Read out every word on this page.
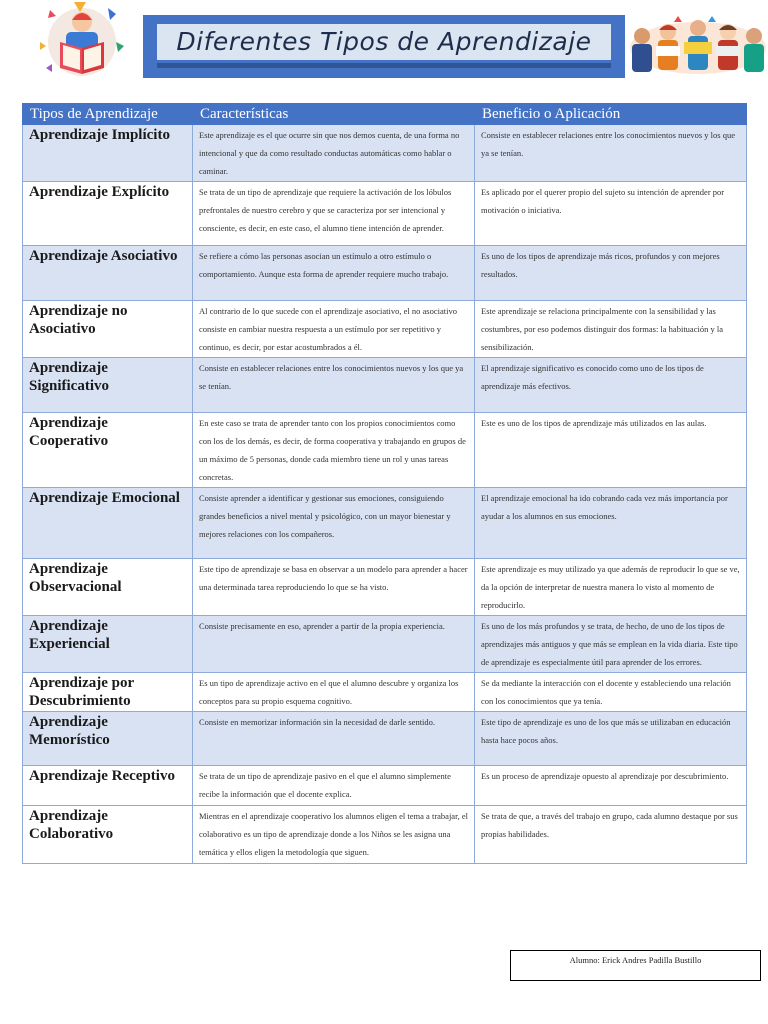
Diferentes Tipos de Aprendizaje
Tipos de Aprendizaje	Características	Beneficio o Aplicación
Aprendizaje Implícito	Este aprendizaje es el que ocurre sin que nos demos cuenta, de una forma no intencional y que da como resultado conductas automáticas como hablar o caminar.	Consiste en establecer relaciones entre los conocimientos nuevos y los que ya se tenían.
Aprendizaje Explícito	Se trata de un tipo de aprendizaje que requiere la activación de los lóbulos prefrontales de nuestro cerebro y que se caracteriza por ser intencional y consciente, es decir, en este caso, el alumno tiene intención de aprender.	Es aplicado por el querer propio del sujeto su intención de aprender por motivación o iniciativa.
Aprendizaje Asociativo	Se refiere a cómo las personas asocian un estímulo a otro estímulo o comportamiento. Aunque esta forma de aprender requiere mucho trabajo.	Es uno de los tipos de aprendizaje más ricos, profundos y con mejores resultados.
Aprendizaje no Asociativo	Al contrario de lo que sucede con el aprendizaje asociativo, el no asociativo consiste en cambiar nuestra respuesta a un estímulo por ser repetitivo y continuo, es decir, por estar acostumbrados a él.	Este aprendizaje se relaciona principalmente con la sensibilidad y las costumbres, por eso podemos distinguir dos formas: la habituación y la sensibilización.
Aprendizaje Significativo	Consiste en establecer relaciones entre los conocimientos nuevos y los que ya se tenían.	El aprendizaje significativo es conocido como uno de los tipos de aprendizaje más efectivos.
Aprendizaje Cooperativo	En este caso se trata de aprender tanto con los propios conocimientos como con los de los demás, es decir, de forma cooperativa y trabajando en grupos de un máximo de 5 personas, donde cada miembro tiene un rol y unas tareas concretas.	Este es uno de los tipos de aprendizaje más utilizados en las aulas.
Aprendizaje Emocional	Consiste aprender a identificar y gestionar sus emociones, consiguiendo grandes beneficios a nivel mental y psicológico, con un mayor bienestar y mejores relaciones con los compañeros.	El aprendizaje emocional ha ido cobrando cada vez más importancia por ayudar a los alumnos en sus emociones.
Aprendizaje Observacional	Este tipo de aprendizaje se basa en observar a un modelo para aprender a hacer una determinada tarea reproduciendo lo que se ha visto.	Este aprendizaje es muy utilizado ya que además de reproducir lo que se ve, da la opción de interpretar de nuestra manera lo visto al momento de reproducirlo.
Aprendizaje Experiencial	Consiste precisamente en eso, aprender a partir de la propia experiencia.	Es uno de los más profundos y se trata, de hecho, de uno de los tipos de aprendizajes más antiguos y que más se emplean en la vida diaria. Este tipo de aprendizaje es especialmente útil para aprender de los errores.
Aprendizaje por Descubrimiento	Es un tipo de aprendizaje activo en el que el alumno descubre y organiza los conceptos para su propio esquema cognitivo.	Se da mediante la interacción con el docente y estableciendo una relación con los conocimientos que ya tenía.
Aprendizaje Memorístico	Consiste en memorizar información sin la necesidad de darle sentido.	Este tipo de aprendizaje es uno de los que más se utilizaban en educación hasta hace pocos años.
Aprendizaje Receptivo	Se trata de un tipo de aprendizaje pasivo en el que el alumno simplemente recibe la información que el docente explica.	Es un proceso de aprendizaje opuesto al aprendizaje por descubrimiento.
Aprendizaje Colaborativo	Mientras en el aprendizaje cooperativo los alumnos eligen el tema a trabajar, el colaborativo es un tipo de aprendizaje donde a los Niños se les asigna una temática y ellos eligen la metodología que siguen.	Se trata de que, a través del trabajo en grupo, cada alumno destaque por sus propias habilidades.
Alumno: Erick Andres Padilla Bustillo
